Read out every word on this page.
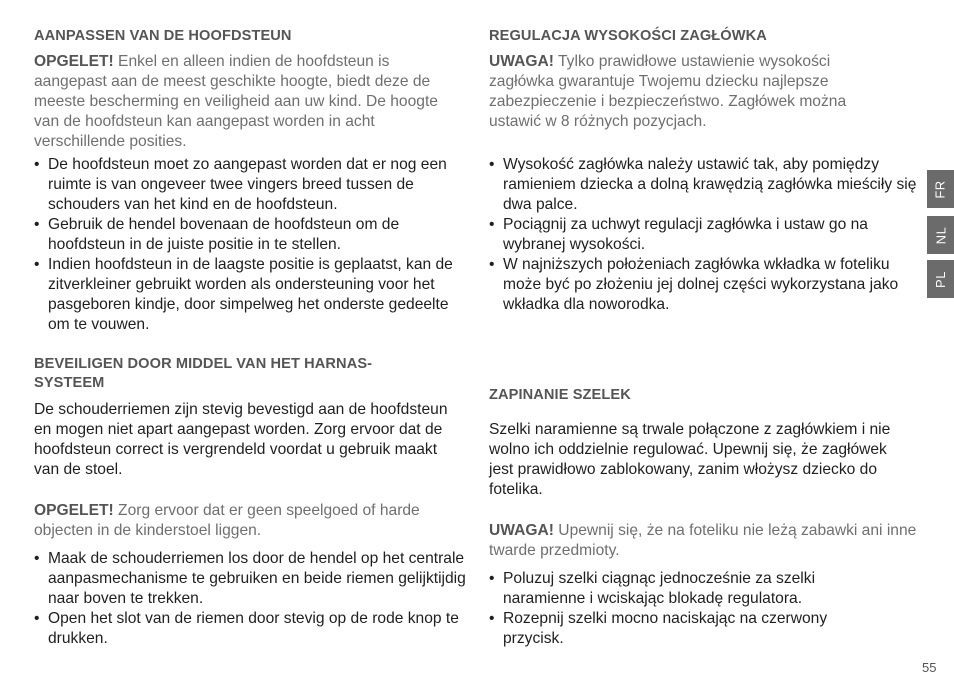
AANPASSEN VAN DE HOOFDSTEUN

OPGELET! Enkel en alleen indien de hoofdsteun is aangepast aan de meest geschikte hoogte, biedt deze de meeste bescherming en veiligheid aan uw kind. De hoogte van de hoofdsteun kan aangepast worden in acht verschillende posities.

• De hoofdsteun moet zo aangepast worden dat er nog een ruimte is van ongeveer twee vingers breed tussen de schouders van het kind en de hoofdsteun.
• Gebruik de hendel bovenaan de hoofdsteun om de hoofdsteun in de juiste positie in te stellen.
• Indien hoofdsteun in de laagste positie is geplaatst, kan de zitverkleiner gebruikt worden als ondersteuning voor het pasgeboren kindje, door simpelweg het onderste gedeelte om te vouwen.
BEVEILIGEN DOOR MIDDEL VAN HET HARNAS-SYSTEEM

De schouderriemen zijn stevig bevestigd aan de hoofdsteun en mogen niet apart aangepast worden. Zorg ervoor dat de hoofdsteun correct is vergrendeld voordat u gebruik maakt van de stoel.

OPGELET! Zorg ervoor dat er geen speelgoed of harde objecten in de kinderstoel liggen.

• Maak de schouderriemen los door de hendel op het centrale aanpasmechanisme te gebruiken en beide riemen gelijktijdig naar boven te trekken.
• Open het slot van de riemen door stevig op de rode knop te drukken.
REGULACJA WYSOKOŚCI ZAGŁÓWKA

UWAGA! Tylko prawidłowe ustawienie wysokości zagłówka gwarantuje Twojemu dziecku najlepsze zabezpieczenie i bezpieczeństwo. Zagłówek można ustawić w 8 różnych pozycjach.

• Wysokość zagłówka należy ustawić tak, aby pomiędzy ramieniem dziecka a dolną krawędzią zagłówka mieściły się dwa palce.
• Pociągnij za uchwyt regulacji zagłówka i ustaw go na wybranej wysokości.
• W najniższych położeniach zagłówka wkładka w foteliku może być po złożeniu jej dolnej części wykorzystana jako wkładka dla noworodka.
ZAPINANIE SZELEK

Szelki naramienne są trwale połączone z zagłówkiem i nie wolno ich oddzielnie regulować. Upewnij się, że zagłówek jest prawidłowo zablokowany, zanim włożysz dziecko do fotelika.

UWAGA! Upewnij się, że na foteliku nie leżą zabawki ani inne twarde przedmioty.

• Poluzuj szelki ciągnąc jednocześnie za szelki naramienne i wciskając blokadę regulatora.
• Rozepnij szelki mocno naciskając na czerwony przycisk.
FR
NL
PL
55
